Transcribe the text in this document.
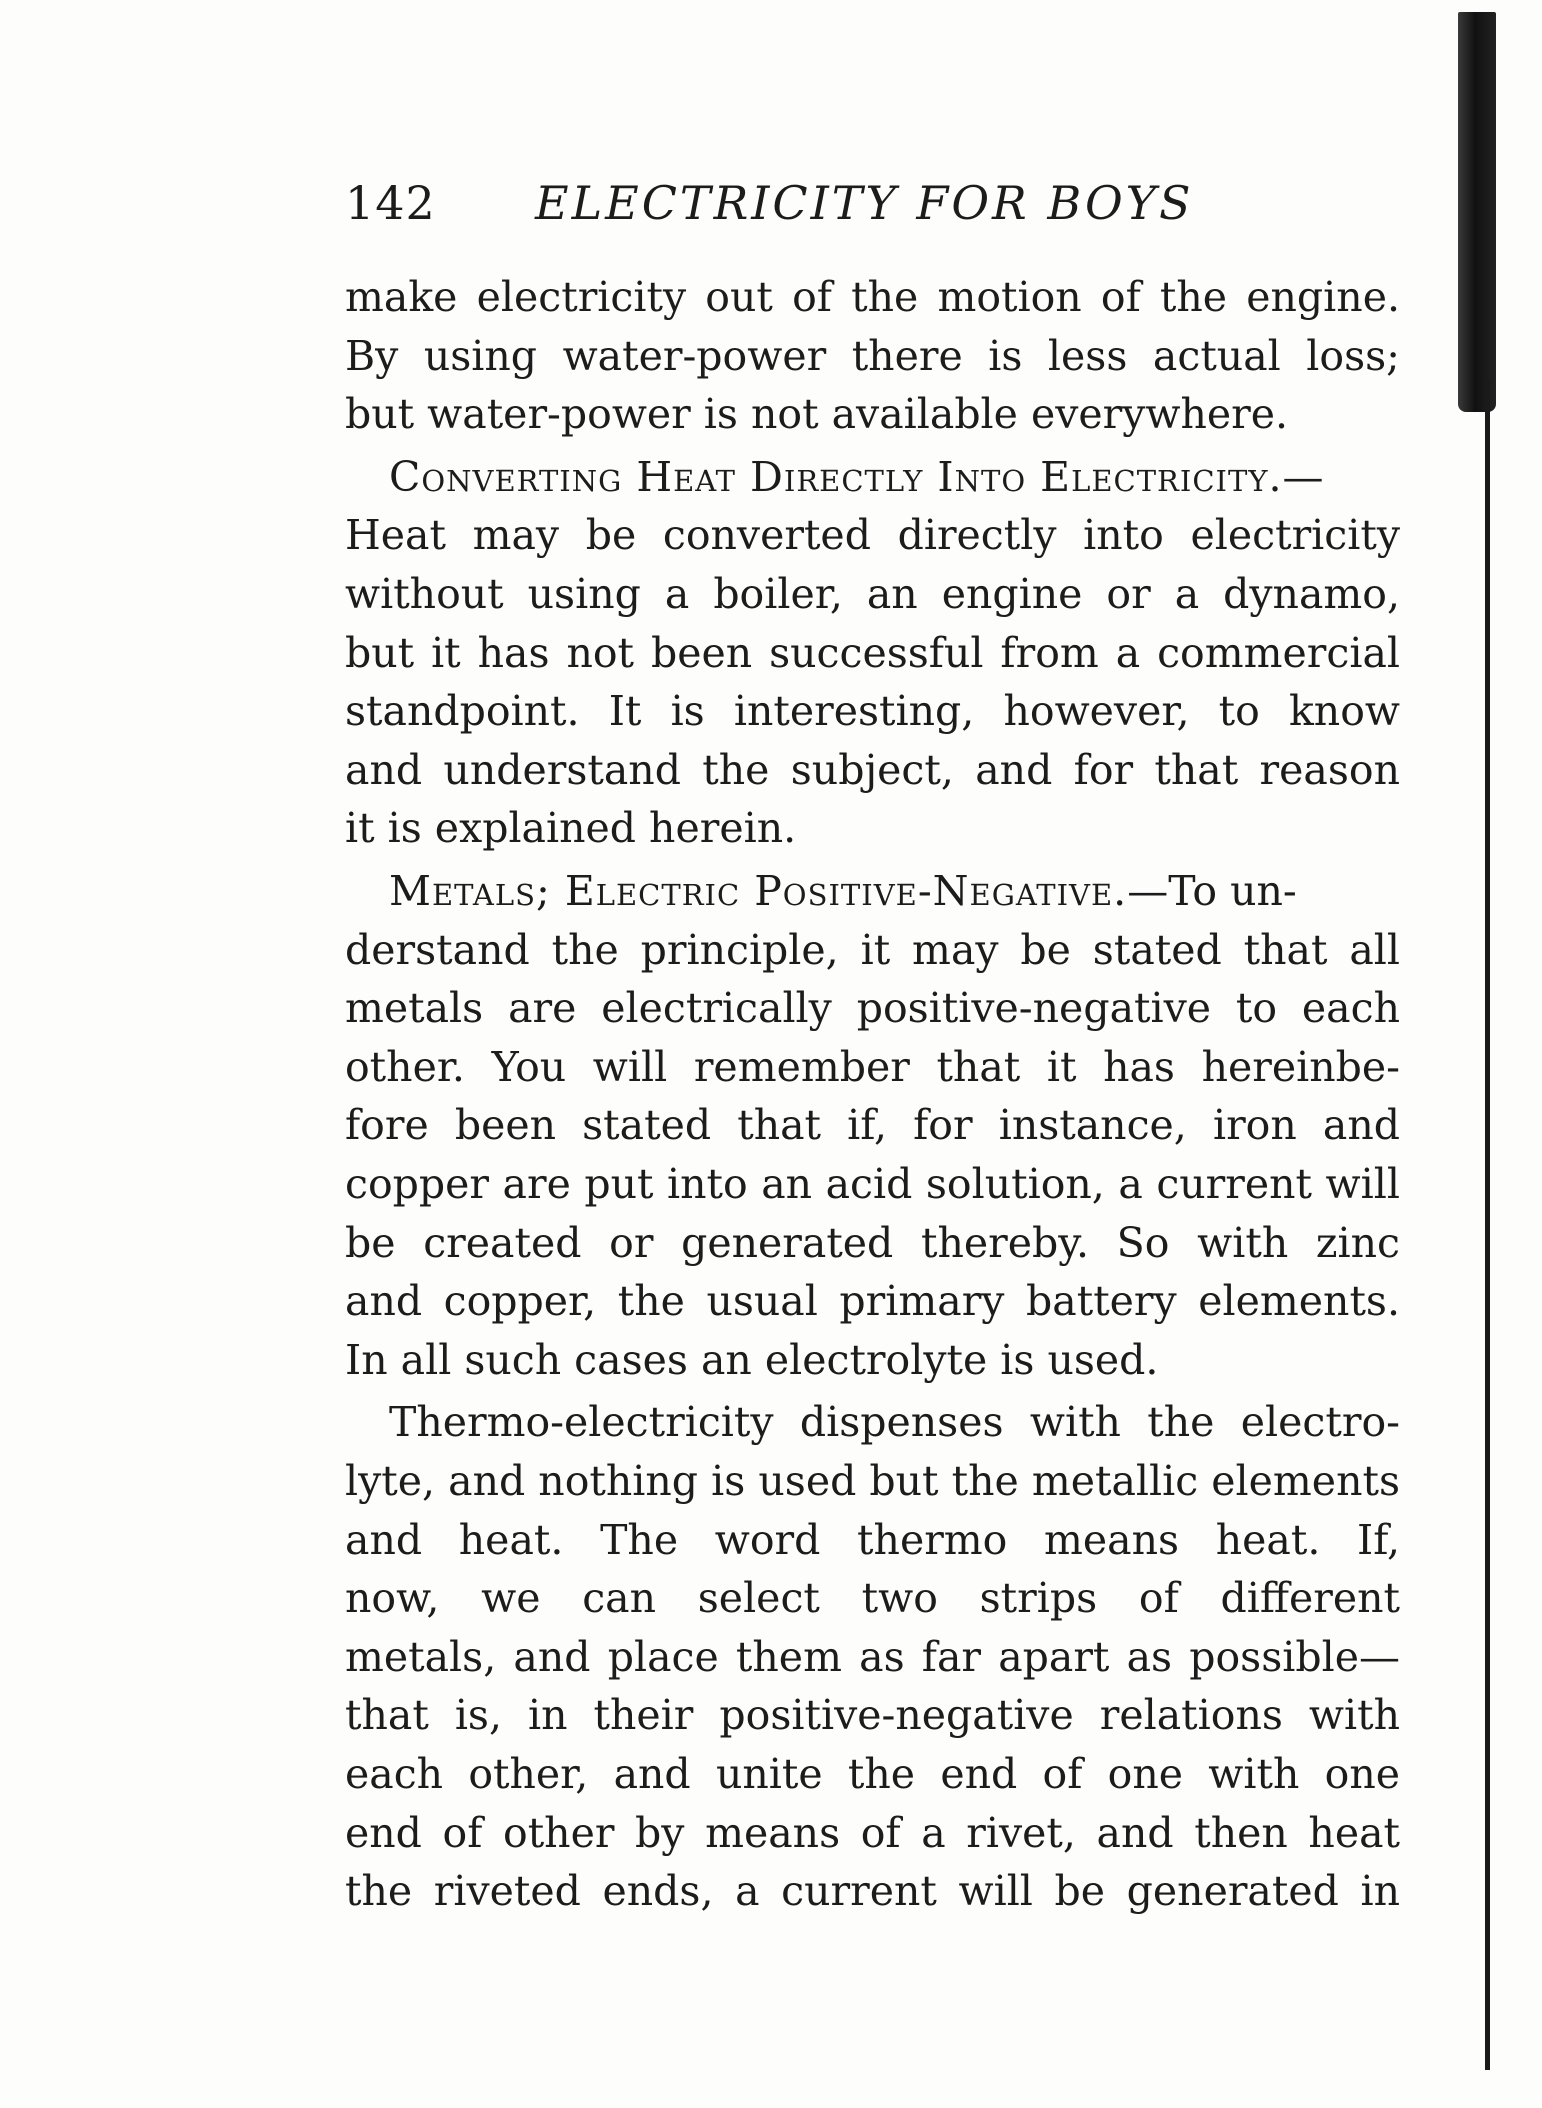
142 ELECTRICITY FOR BOYS
make electricity out of the motion of the engine.
By using water-power there is less actual loss;
but water-power is not available everywhere.
Converting Heat Directly Into Electricity.—
Heat may be converted directly into electricity
without using a boiler, an engine or a dynamo,
but it has not been successful from a commercial
standpoint. It is interesting, however, to know
and understand the subject, and for that reason
it is explained herein.
Metals; Electric Positive-Negative.—To un-
derstand the principle, it may be stated that all
metals are electrically positive-negative to each
other. You will remember that it has hereinbe-
fore been stated that if, for instance, iron and
copper are put into an acid solution, a current will
be created or generated thereby. So with zinc
and copper, the usual primary battery elements.
In all such cases an electrolyte is used.
Thermo-electricity dispenses with the electro-
lyte, and nothing is used but the metallic elements
and heat. The word thermo means heat. If,
now, we can select two strips of different
metals, and place them as far apart as possible—
that is, in their positive-negative relations with
each other, and unite the end of one with one
end of other by means of a rivet, and then heat
the riveted ends, a current will be generated in
